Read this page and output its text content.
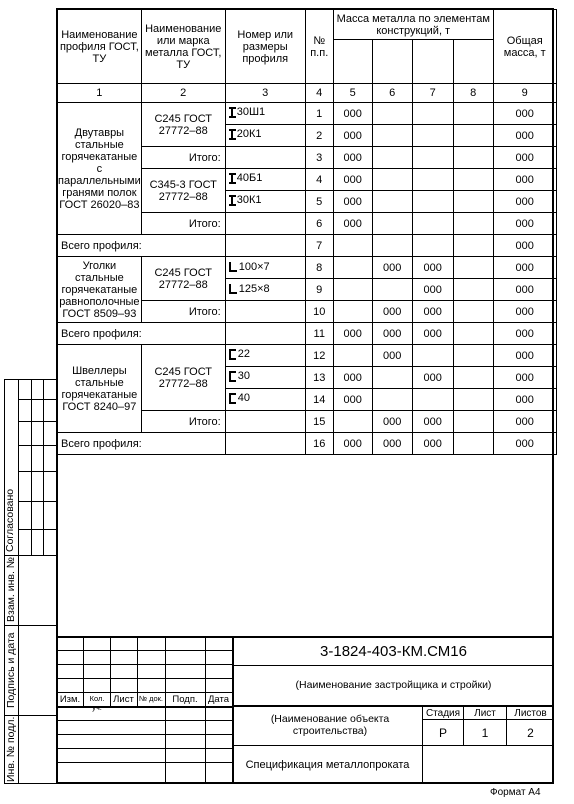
Наименование профиля ГОСТ, ТУ	Наименование или марка металла ГОСТ, ТУ	Номер или размеры профиля	№ п.п.	Масса металла по элементам конструкций, т				Общая масса, т

1	2	3	4	5	6	7	8	9
Двутавры стальные горячекатаные с параллельными гранями полок ГОСТ 26020–83	С245 ГОСТ 27772–88	30Ш1	1	000				000

		20К1	2	000				000
	Итого:		3	000				000
	С345-3 ГОСТ 27772–88	40Б1	4	000				000

		30К1	5	000				000
	Итого:		6	000				000
Всего профиля:			7					000
Уголки стальные горячекатаные равнополочные ГОСТ 8509–93	С245 ГОСТ 27772–88	100×7	8		000	000		000

		125×8	9			000		000
	Итого:		10		000	000		000
Всего профиля:			11	000	000	000		000
Швеллеры стальные горячекатаные ГОСТ 8240–97	С245 ГОСТ 27772–88	22	12		000			000

		30	13	000		000		000

		40	14	000				000
	Итого:		15		000	000		000
Всего профиля:			16	000	000	000		000
Согласовано
Взам. инв. №
Подпись и дата
Инв. № подл.
Изм.	Кол. уч.
Лист № док. Подп.	Дата
3-1824-403-КМ.СМ16
(Наименование застройщика и стройки)
(Наименование объекта строительства)
Стадия	Лист	Листов
Р	1	2
Спецификация металлопроката
Формат А4
